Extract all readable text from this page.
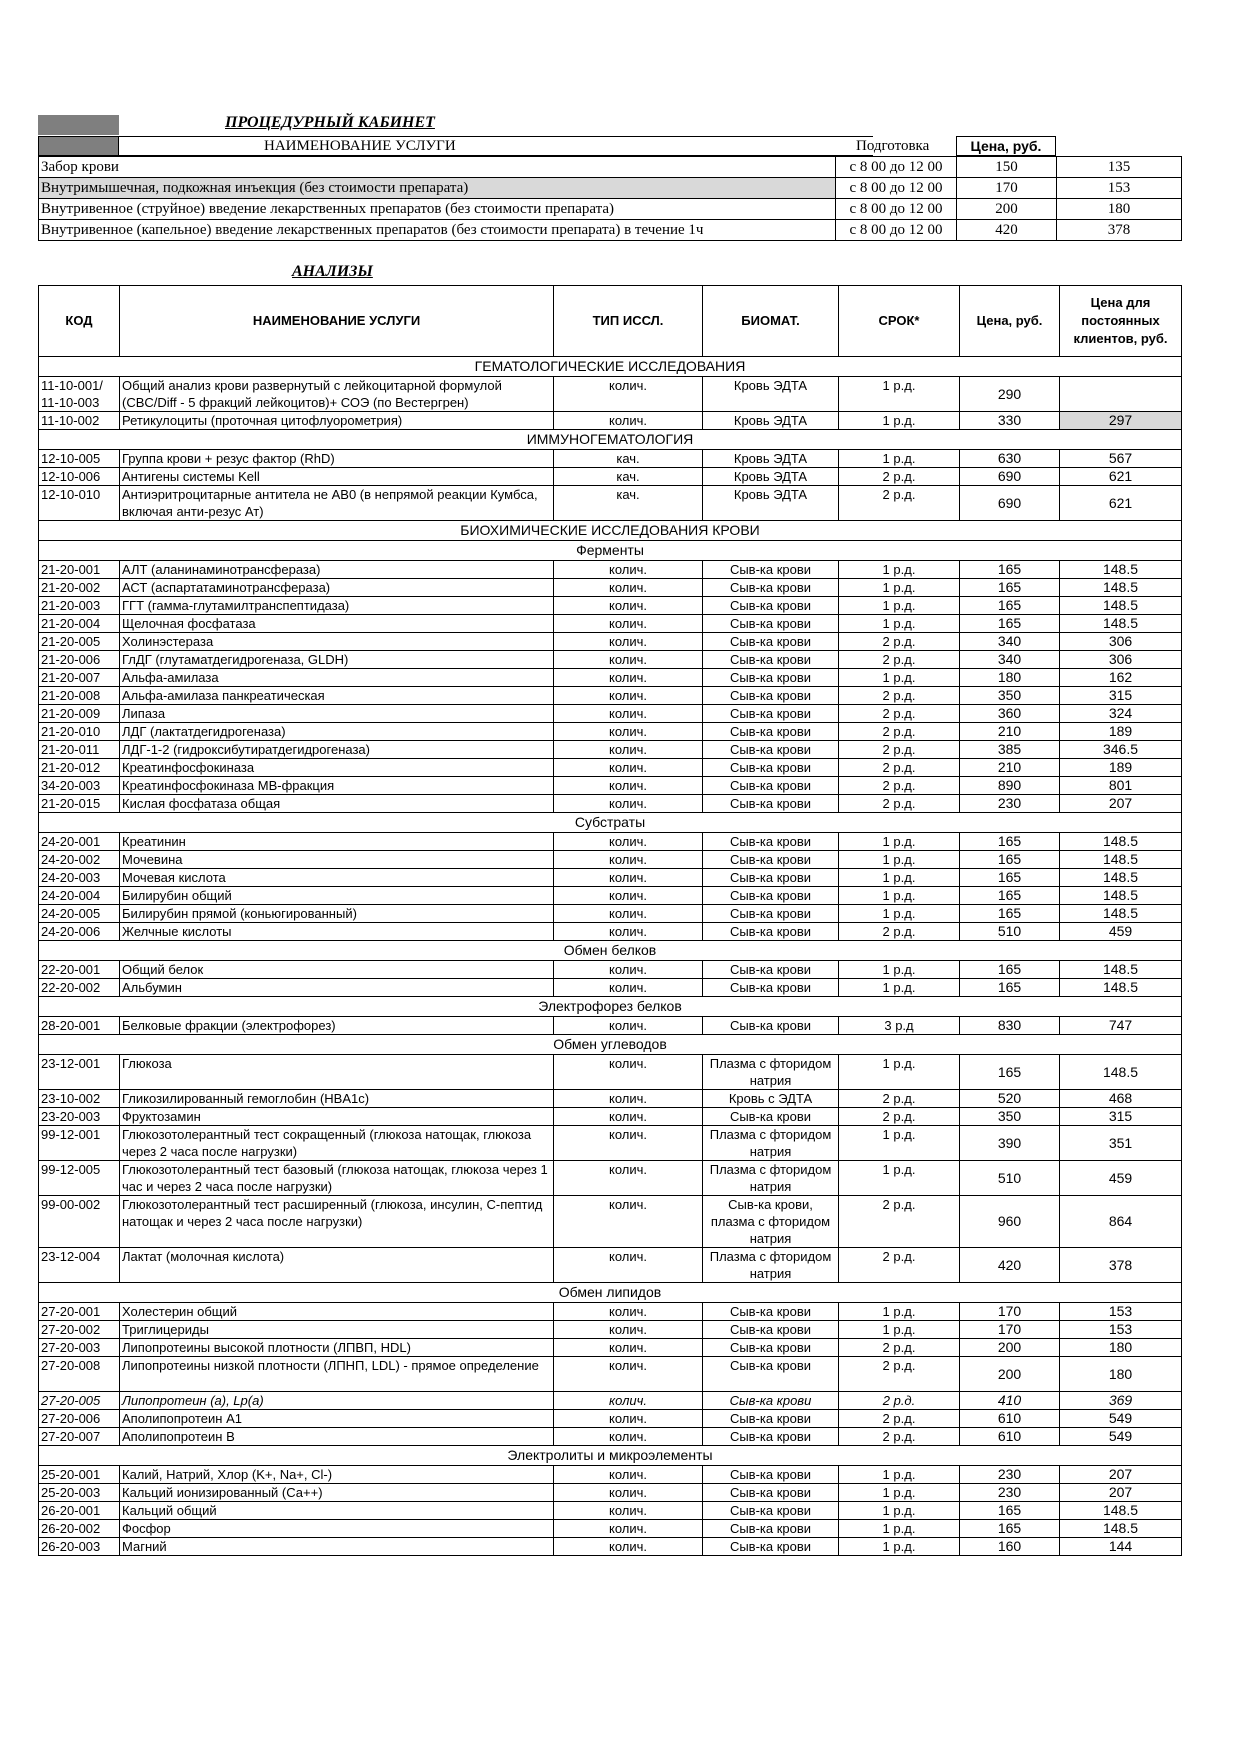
ПРОЦЕДУРНЫЙ КАБИНЕТ
НАИМЕНОВАНИЕ УСЛУГИ	Подготовка	Цена, руб.
Забор крови	с 8 00 до 12 00	150	135
Внутримышечная, подкожная инъекция (без стоимости препарата)	с 8 00 до 12 00	170	153
Внутривенное (струйное) введение лекарственных препаратов (без стоимости препарата)	с 8 00 до 12 00	200	180
Внутривенное (капельное) введение лекарственных препаратов (без стоимости препарата) в течение 1ч	с 8 00 до 12 00	420	378
АНАЛИЗЫ
КОД	НАИМЕНОВАНИЕ УСЛУГИ	ТИП ИССЛ.	БИОМАТ.	СРОК*	Цена, руб.	Цена для постоянных клиентов, руб.
ГЕМАТОЛОГИЧЕСКИЕ ИССЛЕДОВАНИЯ						
11-10-001/ 11-10-003	Общий анализ крови развернутый с лейкоцитарной формулой (CBC/Diff - 5 фракций лейкоцитов)+ СОЭ (по Вестергрен)	колич.	Кровь ЭДТА	1 р.д.	290	
11-10-002	Ретикулоциты (проточная цитофлуорометрия)	колич.	Кровь ЭДТА	1 р.д.	330	297
ИММУНОГЕМАТОЛОГИЯ						
12-10-005	Группа крови + резус фактор (RhD)	кач.	Кровь ЭДТА	1 р.д.	630	567
12-10-006	Антигены системы Kell	кач.	Кровь ЭДТА	2 р.д.	690	621
12-10-010	Антиэритроцитарные антитела не AB0 (в непрямой реакции Кумбса, включая анти-резус Ат)	кач.	Кровь ЭДТА	2 р.д.	690	621
БИОХИМИЧЕСКИЕ ИССЛЕДОВАНИЯ КРОВИ						
Ферменты						
21-20-001	АЛТ (аланинаминотрансфераза)	колич.	Сыв-ка крови	1 р.д.	165	148.5
21-20-002	АСТ (аспартатаминотрансфераза)	колич.	Сыв-ка крови	1 р.д.	165	148.5
21-20-003	ГГТ (гамма-глутамилтранспептидаза)	колич.	Сыв-ка крови	1 р.д.	165	148.5
21-20-004	Щелочная фосфатаза	колич.	Сыв-ка крови	1 р.д.	165	148.5
21-20-005	Холинэстераза	колич.	Сыв-ка крови	2 р.д.	340	306
21-20-006	ГлДГ (глутаматдегидрогеназа, GLDH)	колич.	Сыв-ка крови	2 р.д.	340	306
21-20-007	Альфа-амилаза	колич.	Сыв-ка крови	1 р.д.	180	162
21-20-008	Альфа-амилаза панкреатическая	колич.	Сыв-ка крови	2 р.д.	350	315
21-20-009	Липаза	колич.	Сыв-ка крови	2 р.д.	360	324
21-20-010	ЛДГ (лактатдегидрогеназа)	колич.	Сыв-ка крови	2 р.д.	210	189
21-20-011	ЛДГ-1-2 (гидроксибутиратдегидрогеназа)	колич.	Сыв-ка крови	2 р.д.	385	346.5
21-20-012	Креатинфосфокиназа	колич.	Сыв-ка крови	2 р.д.	210	189
34-20-003	Креатинфосфокиназа МВ-фракция	колич.	Сыв-ка крови	2 р.д.	890	801
21-20-015	Кислая фосфатаза общая	колич.	Сыв-ка крови	2 р.д.	230	207
Субстраты						
24-20-001	Креатинин	колич.	Сыв-ка крови	1 р.д.	165	148.5
24-20-002	Мочевина	колич.	Сыв-ка крови	1 р.д.	165	148.5
24-20-003	Мочевая кислота	колич.	Сыв-ка крови	1 р.д.	165	148.5
24-20-004	Билирубин общий	колич.	Сыв-ка крови	1 р.д.	165	148.5
24-20-005	Билирубин прямой (коньюгированный)	колич.	Сыв-ка крови	1 р.д.	165	148.5
24-20-006	Желчные кислоты	колич.	Сыв-ка крови	2 р.д.	510	459
Обмен белков						
22-20-001	Общий белок	колич.	Сыв-ка крови	1 р.д.	165	148.5
22-20-002	Альбумин	колич.	Сыв-ка крови	1 р.д.	165	148.5
Электрофорез белков						
28-20-001	Белковые фракции (электрофорез)	колич.	Сыв-ка крови	3 р.д	830	747
Обмен углеводов						
23-12-001	Глюкоза	колич.	Плазма с фторидом натрия	1 р.д.	165	148.5
23-10-002	Гликозилированный гемоглобин (HBA1c)	колич.	Кровь с ЭДТА	2 р.д.	520	468
23-20-003	Фруктозамин	колич.	Сыв-ка крови	2 р.д.	350	315
99-12-001	Глюкозотолерантный тест сокращенный (глюкоза натощак, глюкоза через 2 часа после нагрузки)	колич.	Плазма с фторидом натрия	1 р.д.	390	351
99-12-005	Глюкозотолерантный тест базовый (глюкоза натощак, глюкоза через 1 час и через 2 часа после нагрузки)	колич.	Плазма с фторидом натрия	1 р.д.	510	459
99-00-002	Глюкозотолерантный тест расширенный (глюкоза, инсулин, С-пептид натощак и через 2 часа после нагрузки)	колич.	Сыв-ка крови, плазма с фторидом натрия	2 р.д.	960	864
23-12-004	Лактат (молочная кислота)	колич.	Плазма с фторидом натрия	2 р.д.	420	378
Обмен липидов						
27-20-001	Холестерин общий	колич.	Сыв-ка крови	1 р.д.	170	153
27-20-002	Триглицериды	колич.	Сыв-ка крови	1 р.д.	170	153
27-20-003	Липопротеины высокой плотности (ЛПВП, HDL)	колич.	Сыв-ка крови	2 р.д.	200	180
27-20-008	Липопротеины низкой плотности (ЛПНП, LDL) - прямое определение	колич.	Сыв-ка крови	2 р.д.	200	180
27-20-005	Липопротеин (a), Lp(a)	колич.	Сыв-ка крови	2 р.д.	410	369
27-20-006	Аполипопротеин А1	колич.	Сыв-ка крови	2 р.д.	610	549
27-20-007	Аполипопротеин В	колич.	Сыв-ка крови	2 р.д.	610	549
Электролиты и микроэлементы						
25-20-001	Калий, Натрий, Хлор (K+, Na+, Cl-)	колич.	Сыв-ка крови	1 р.д.	230	207
25-20-003	Кальций ионизированный (Са++)	колич.	Сыв-ка крови	1 р.д.	230	207
26-20-001	Кальций общий	колич.	Сыв-ка крови	1 р.д.	165	148.5
26-20-002	Фосфор	колич.	Сыв-ка крови	1 р.д.	165	148.5
26-20-003	Магний	колич.	Сыв-ка крови	1 р.д.	160	144
